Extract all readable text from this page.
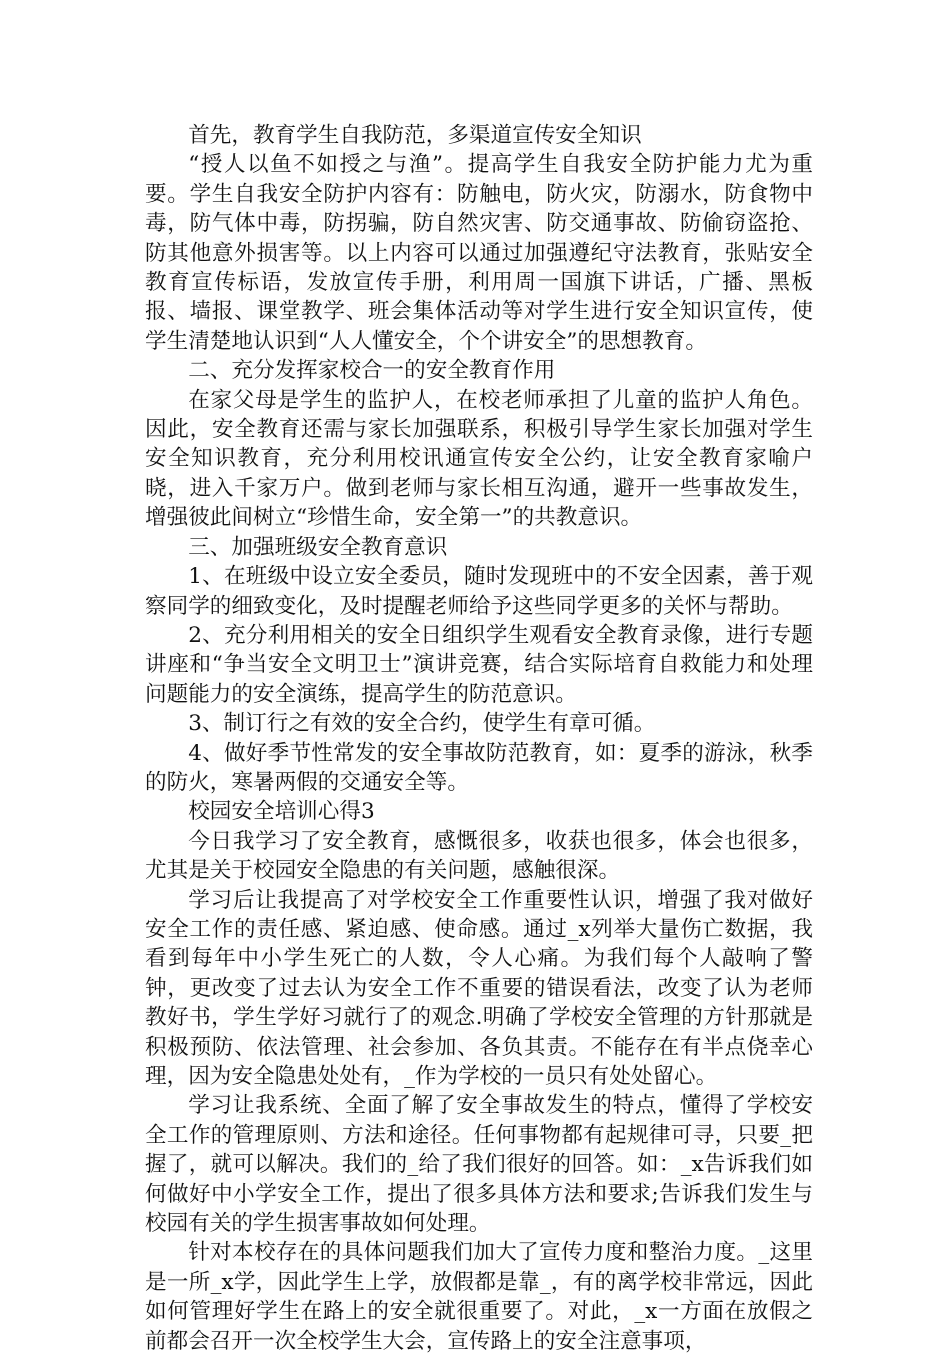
首先，教育学生自我防范，多渠道宣传安全知识

“授人以鱼不如授之与渔”。提高学生自我安全防护能力尤为重要。学生自我安全防护内容有：防触电，防火灾，防溺水，防食物中毒，防气体中毒，防拐骗，防自然灾害、防交通事故、防偷窃盗抢、防其他意外损害等。以上内容可以通过加强遵纪守法教育，张贴安全教育宣传标语，发放宣传手册，利用周一国旗下讲话，广播、黑板报、墙报、课堂教学、班会集体活动等对学生进行安全知识宣传，使学生清楚地认识到“人人懂安全，个个讲安全”的思想教育。

二、充分发挥家校合一的安全教育作用

在家父母是学生的监护人，在校老师承担了儿童的监护人角色。因此，安全教育还需与家长加强联系，积极引导学生家长加强对学生安全知识教育，充分利用校讯通宣传安全公约，让安全教育家喻户晓，进入千家万户。做到老师与家长相互沟通，避开一些事故发生，增强彼此间树立“珍惜生命，安全第一”的共教意识。

三、加强班级安全教育意识

1、在班级中设立安全委员，随时发现班中的不安全因素，善于观察同学的细致变化，及时提醒老师给予这些同学更多的关怀与帮助。

2、充分利用相关的安全日组织学生观看安全教育录像，进行专题讲座和“争当安全文明卫士”演讲竞赛，结合实际培育自救能力和处理问题能力的安全演练，提高学生的防范意识。

3、制订行之有效的安全合约，使学生有章可循。

4、做好季节性常发的安全事故防范教育，如：夏季的游泳，秋季的防火，寒暑两假的交通安全等。

校园安全培训心得3

今日我学习了安全教育，感慨很多，收获也很多，体会也很多，尤其是关于校园安全隐患的有关问题，感触很深。

学习后让我提高了对学校安全工作重要性认识，增强了我对做好安全工作的责任感、紧迫感、使命感。通过_x列举大量伤亡数据，我看到每年中小学生死亡的人数，令人心痛。为我们每个人敲响了警钟，更改变了过去认为安全工作不重要的错误看法，改变了认为老师教好书，学生学好习就行了的观念.明确了学校安全管理的方针那就是积极预防、依法管理、社会参加、各负其责。不能存在有半点侥幸心理，因为安全隐患处处有，_作为学校的一员只有处处留心。

学习让我系统、全面了解了安全事故发生的特点，懂得了学校安全工作的管理原则、方法和途径。任何事物都有起规律可寻，只要_把握了，就可以解决。我们的_给了我们很好的回答。如：_x告诉我们如何做好中小学安全工作，提出了很多具体方法和要求;告诉我们发生与校园有关的学生损害事故如何处理。

针对本校存在的具体问题我们加大了宣传力度和整治力度。_这里是一所_x学，因此学生上学，放假都是靠_，有的离学校非常远，因此如何管理好学生在路上的安全就很重要了。对此，_x一方面在放假之前都会召开一次全校学生大会，宣传路上的安全注意事项，
